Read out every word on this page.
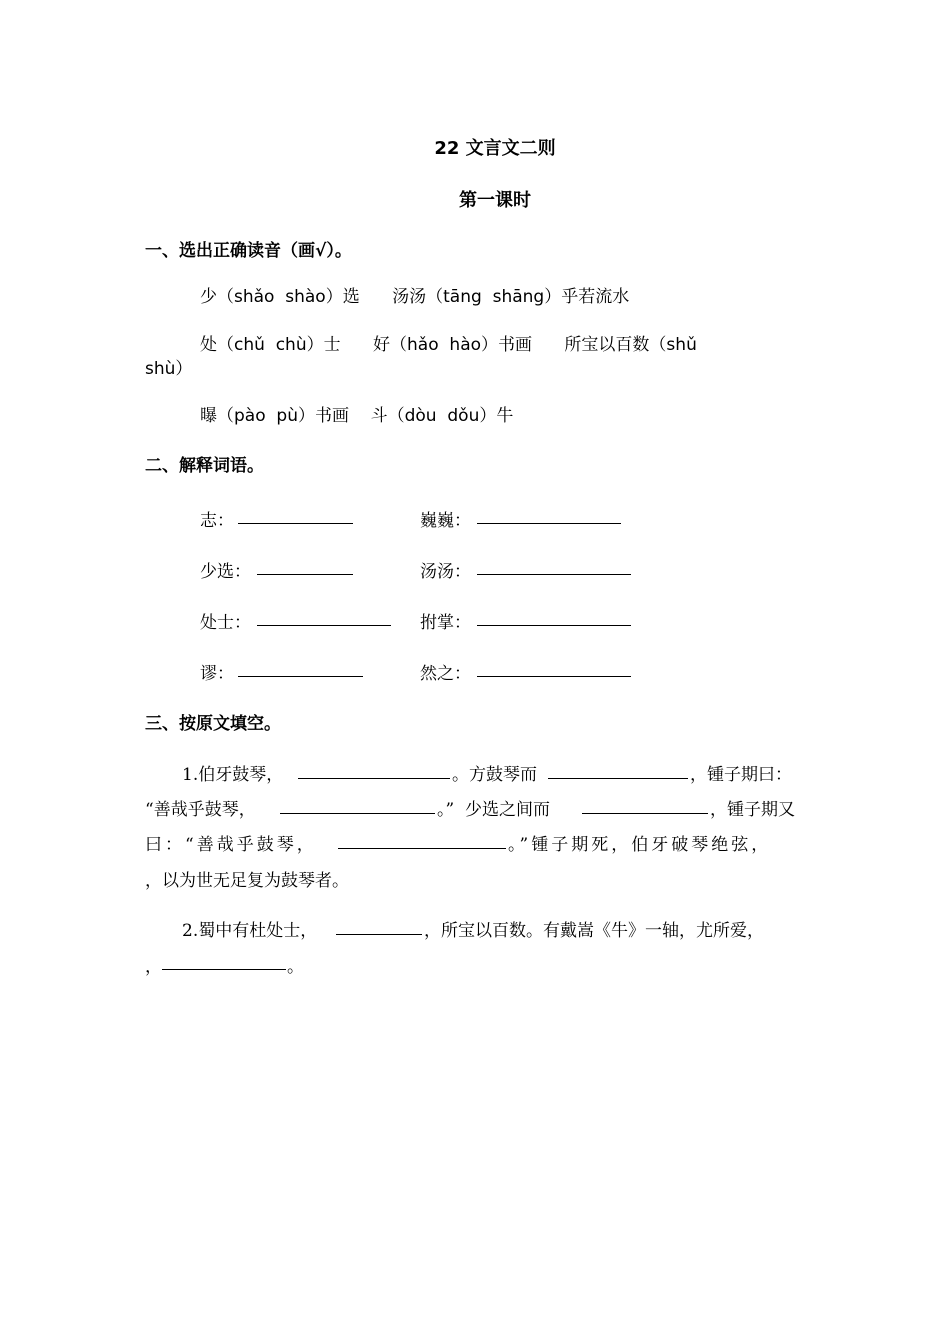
22 文言文二则
第一课时
一、选出正确读音（画√）。
少（shǎo  shào）选      汤汤（tāng  shāng）乎若流水
处（chǔ  chù）士      好（hǎo  hào）书画      所宝以百数（shǔ
shù）
曝（pào  pù）书画    斗（dòu  dǒu）牛
二、解释词语。
志：	巍巍：
少选：	汤汤：
处士：	拊掌：
谬：	然之：
三、按原文填空。
1.伯牙鼓琴，	。方鼓琴而	，锺子期曰：
“善哉乎鼓琴，	。”  少选之间而	，锺子期又
曰：“善哉乎鼓琴，	。”锺子期死，伯牙破琴绝弦，
，以为世无足复为鼓琴者。
2.蜀中有杜处士，	，所宝以百数。有戴嵩《牛》一轴，尤所爱，
，	。
